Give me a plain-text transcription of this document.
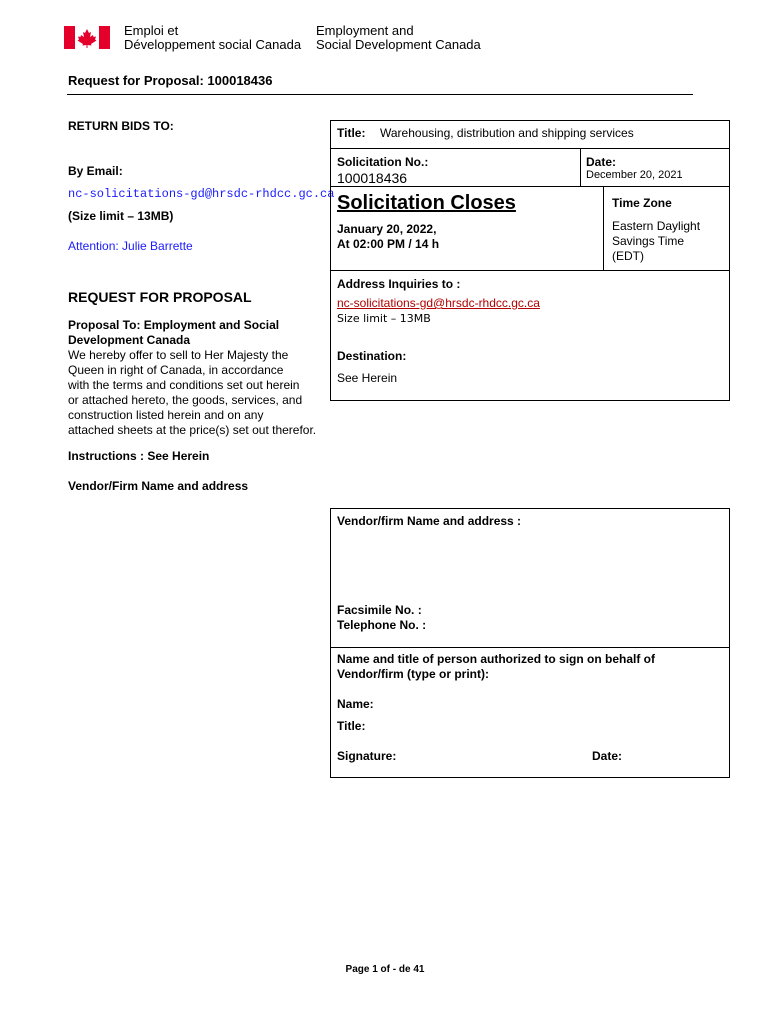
Emploi et
Développement social Canada
Employment and
Social Development Canada
Request for Proposal: 100018436
RETURN BIDS TO:
By Email:
nc-solicitations-gd@hrsdc-rhdcc.gc.ca
(Size limit – 13MB)
Attention: Julie Barrette
REQUEST FOR PROPOSAL
Proposal To: Employment and Social
Development Canada
We hereby offer to sell to Her Majesty the
Queen in right of Canada, in accordance
with the terms and conditions set out herein
or attached hereto, the goods, services, and
construction listed herein and on any
attached sheets at the price(s) set out therefor.
Instructions : See Herein
Vendor/Firm Name and address
Title: Warehousing, distribution and shipping services
Solicitation No.:
100018436
Date:
December 20, 2021
Solicitation Closes
January 20, 2022,
At 02:00 PM / 14 h
Time Zone
Eastern Daylight
Savings Time
(EDT)
Address Inquiries to :
nc-solicitations-gd@hrsdc-rhdcc.gc.ca
Size limit – 13MB
Destination:
See Herein
Vendor/firm Name and address :
Facsimile No. :
Telephone No. :
Name and title of person authorized to sign on behalf of
Vendor/firm (type or print):
Name:
Title:
Signature:	Date:
Page 1 of - de 41
